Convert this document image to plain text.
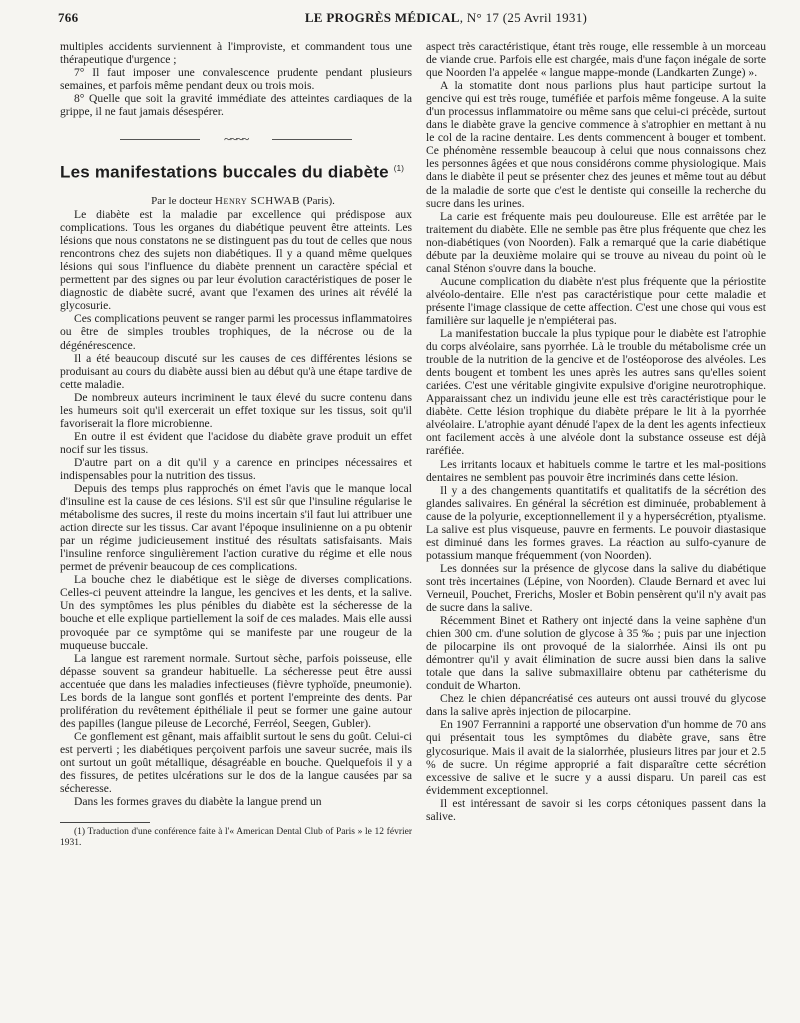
766	LE PROGRÈS MÉDICAL, N° 17 (25 Avril 1931)

multiples accidents surviennent à l'improviste, et commandent tous une thérapeutique d'urgence ;

7° Il faut imposer une convalescence prudente pendant plusieurs semaines, et parfois même pendant deux ou trois mois.

8° Quelle que soit la gravité immédiate des atteintes cardiaques de la grippe, il ne faut jamais désespérer.

~~~~
Les manifestations buccales du diabète $^{(1)}$

Par le docteur Henry SCHWAB (Paris).

Le diabète est la maladie par excellence qui prédispose aux complications. Tous les organes du diabétique peuvent être atteints. Les lésions que nous constatons ne se distinguent pas du tout de celles que nous rencontrons chez des sujets non diabétiques. Il y a quand même quelques lésions qui sous l'influence du diabète prennent un caractère spécial et permettent par des signes ou par leur évolution caractéristiques de poser le diagnostic de diabète sucré, avant que l'examen des urines ait révélé la glycosurie.

Ces complications peuvent se ranger parmi les processus inflammatoires ou être de simples troubles trophiques, de la nécrose ou de la dégénérescence.

Il a été beaucoup discuté sur les causes de ces différentes lésions se produisant au cours du diabète aussi bien au début qu'à une étape tardive de cette maladie.

De nombreux auteurs incriminent le taux élevé du sucre contenu dans les humeurs soit qu'il exercerait un effet toxique sur les tissus, soit qu'il favoriserait la flore microbienne.

En outre il est évident que l'acidose du diabète grave produit un effet nocif sur les tissus.

D'autre part on a dit qu'il y a carence en principes nécessaires et indispensables pour la nutrition des tissus.

Depuis des temps plus rapprochés on émet l'avis que le manque local d'insuline est la cause de ces lésions. S'il est sûr que l'insuline régularise le métabolisme des sucres, il reste du moins incertain s'il faut lui attribuer une action directe sur les tissus. Car avant l'époque insulinienne on a pu obtenir par un régime judicieusement institué des résultats satisfaisants. Mais l'insuline renforce singulièrement l'action curative du régime et elle nous permet de prévenir beaucoup de ces complications.

La bouche chez le diabétique est le siège de diverses complications. Celles-ci peuvent atteindre la langue, les gencives et les dents, et la salive. Un des symptômes les plus pénibles du diabète est la sécheresse de la bouche et elle explique partiellement la soif de ces malades. Mais elle aussi provoquée par ce symptôme qui se manifeste par une rougeur de la muqueuse buccale.

La langue est rarement normale. Surtout sèche, parfois poisseuse, elle dépasse souvent sa grandeur habituelle. La sécheresse peut être aussi accentuée que dans les maladies infectieuses (fièvre typhoïde, pneumonie). Les bords de la langue sont gonflés et portent l'empreinte des dents. Par prolifération du revêtement épithéliale il peut se former une gaine autour des papilles (langue pileuse de Lecorché, Ferréol, Seegen, Gubler).

Ce gonflement est gênant, mais affaiblit surtout le sens du goût. Celui-ci est perverti ; les diabétiques perçoivent parfois une saveur sucrée, mais ils ont surtout un goût métallique, désagréable en bouche. Quelquefois il y a des fissures, de petites ulcérations sur le dos de la langue causées par sa sécheresse.

Dans les formes graves du diabète la langue prend un

(1) Traduction d'une conférence faite à l'« American Dental Club of Paris » le 12 février 1931.

aspect très caractéristique, étant très rouge, elle ressemble à un morceau de viande crue. Parfois elle est chargée, mais d'une façon inégale de sorte que Noorden l'a appelée « langue mappe-monde (Landkarten Zunge) ».

A la stomatite dont nous parlions plus haut participe surtout la gencive qui est très rouge, tuméfiée et parfois même fongeuse. A la suite d'un processus inflammatoire ou même sans que celui-ci précède, surtout dans le diabète grave la gencive commence à s'atrophier en mettant à nu le col de la racine dentaire. Les dents commencent à bouger et tombent. Ce phénomène ressemble beaucoup à celui que nous connaissons chez les personnes âgées et que nous considérons comme physiologique. Mais dans le diabète il peut se présenter chez des jeunes et même tout au début de la maladie de sorte que c'est le dentiste qui conseille la recherche du sucre dans les urines.

La carie est fréquente mais peu douloureuse. Elle est arrêtée par le traitement du diabète. Elle ne semble pas être plus fréquente que chez les non-diabétiques (von Noorden). Falk a remarqué que la carie diabétique débute par la deuxième molaire qui se trouve au niveau du point où le canal Sténon s'ouvre dans la bouche.

Aucune complication du diabète n'est plus fréquente que la périostite alvéolo-dentaire. Elle n'est pas caractéristique pour cette maladie et présente l'image classique de cette affection. C'est une chose qui vous est familière sur laquelle je n'empiéterai pas.

La manifestation buccale la plus typique pour le diabète est l'atrophie du corps alvéolaire, sans pyorrhée. Là le trouble du métabolisme crée un trouble de la nutrition de la gencive et de l'ostéoporose des alvéoles. Les dents bougent et tombent les unes après les autres sans qu'elles soient cariées. C'est une véritable gingivite expulsive d'origine neurotrophique. Apparaissant chez un individu jeune elle est très caractéristique pour le diabète. Cette lésion trophique du diabète prépare le lit à la pyorrhée alvéolaire. L'atrophie ayant dénudé l'apex de la dent les agents infectieux ont facilement accès à une alvéole dont la substance osseuse est déjà raréfiée.

Les irritants locaux et habituels comme le tartre et les mal-positions dentaires ne semblent pas pouvoir être incriminés dans cette lésion.

Il y a des changements quantitatifs et qualitatifs de la sécrétion des glandes salivaires. En général la sécrétion est diminuée, probablement à cause de la polyurie, exceptionnellement il y a hypersécrétion, ptyalisme. La salive est plus visqueuse, pauvre en ferments. Le pouvoir diastasique est diminué dans les formes graves. La réaction au sulfo-cyanure de potassium manque fréquemment (von Noorden).

Les données sur la présence de glycose dans la salive du diabétique sont très incertaines (Lépine, von Noorden). Claude Bernard et avec lui Verneuil, Pouchet, Frerichs, Mosler et Bobin pensèrent qu'il n'y avait pas de sucre dans la salive.

Récemment Binet et Rathery ont injecté dans la veine saphène d'un chien 300 cm. d'une solution de glycose à 35 ‰ ; puis par une injection de pilocarpine ils ont provoqué de la sialorrhée. Ainsi ils ont pu démontrer qu'il y avait élimination de sucre aussi bien dans la salive totale que dans la salive submaxillaire obtenu par cathéterisme du conduit de Wharton.

Chez le chien dépancréatisé ces auteurs ont aussi trouvé du glycose dans la salive après injection de pilocarpine.

En 1907 Ferrannini a rapporté une observation d'un homme de 70 ans qui présentait tous les symptômes du diabète grave, sans être glycosurique. Mais il avait de la sialorrhée, plusieurs litres par jour et 2.5 % de sucre. Un régime approprié a fait disparaître cette sécrétion excessive de salive et le sucre y a aussi disparu. Un pareil cas est évidemment exceptionnel.

Il est intéressant de savoir si les corps cétoniques passent dans la salive.
